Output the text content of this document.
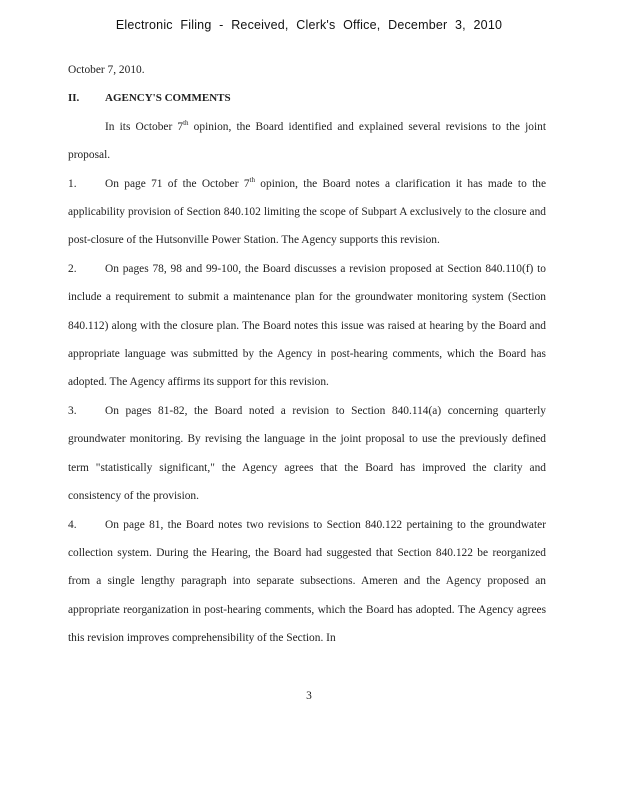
Electronic Filing - Received, Clerk's Office, December 3, 2010

October 7, 2010.

II.	AGENCY'S COMMENTS

In its October 7th opinion, the Board identified and explained several revisions to the joint proposal.

1. On page 71 of the October 7th opinion, the Board notes a clarification it has made to the applicability provision of Section 840.102 limiting the scope of Subpart A exclusively to the closure and post-closure of the Hutsonville Power Station. The Agency supports this revision.

2. On pages 78, 98 and 99-100, the Board discusses a revision proposed at Section 840.110(f) to include a requirement to submit a maintenance plan for the groundwater monitoring system (Section 840.112) along with the closure plan. The Board notes this issue was raised at hearing by the Board and appropriate language was submitted by the Agency in post-hearing comments, which the Board has adopted. The Agency affirms its support for this revision.

3. On pages 81-82, the Board noted a revision to Section 840.114(a) concerning quarterly groundwater monitoring. By revising the language in the joint proposal to use the previously defined term "statistically significant," the Agency agrees that the Board has improved the clarity and consistency of the provision.

4. On page 81, the Board notes two revisions to Section 840.122 pertaining to the groundwater collection system. During the Hearing, the Board had suggested that Section 840.122 be reorganized from a single lengthy paragraph into separate subsections. Ameren and the Agency proposed an appropriate reorganization in post-hearing comments, which the Board has adopted. The Agency agrees this revision improves comprehensibility of the Section. In

3
